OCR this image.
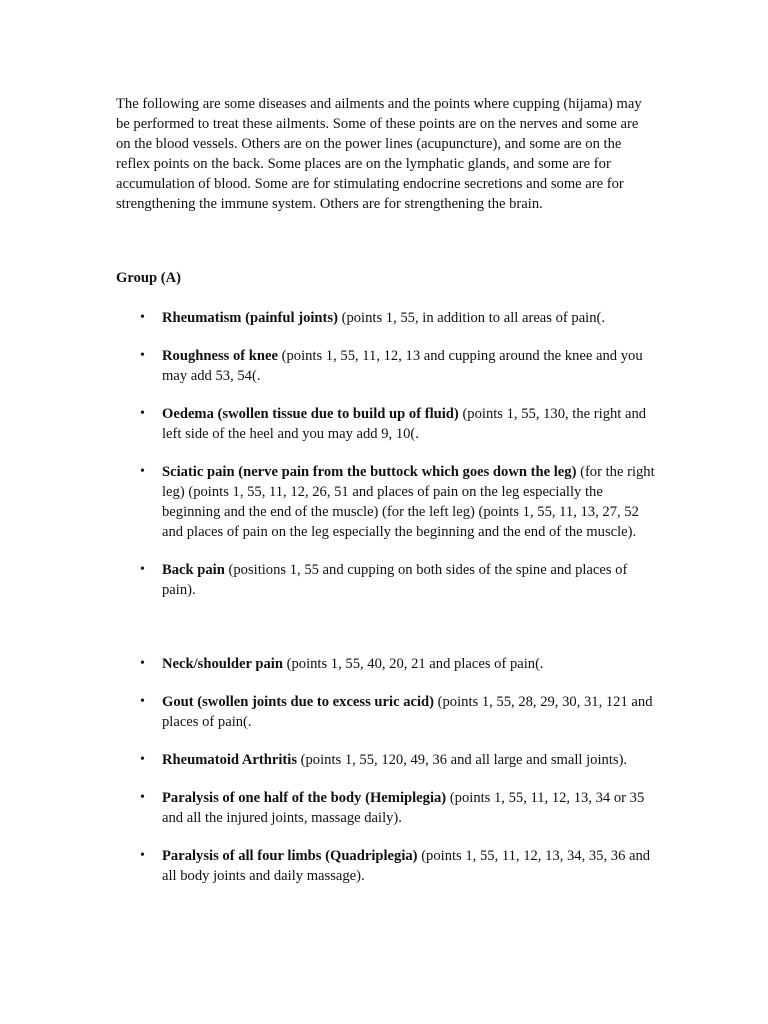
The following are some diseases and ailments and the points where cupping (hijama) may be performed to treat these ailments. Some of these points are on the nerves and some are on the blood vessels. Others are on the power lines (acupuncture), and some are on the reflex points on the back. Some places are on the lymphatic glands, and some are for accumulation of blood. Some are for stimulating endocrine secretions and some are for strengthening the immune system. Others are for strengthening the brain.

Group (A)
• Rheumatism (painful joints) (points 1, 55, in addition to all areas of pain(.
• Roughness of knee (points 1, 55, 11, 12, 13 and cupping around the knee and you may add 53, 54(.
• Oedema (swollen tissue due to build up of fluid) (points 1, 55, 130, the right and left side of the heel and you may add 9, 10(.
• Sciatic pain (nerve pain from the buttock which goes down the leg) (for the right leg) (points 1, 55, 11, 12, 26, 51 and places of pain on the leg especially the beginning and the end of the muscle) (for the left leg) (points 1, 55, 11, 13, 27, 52 and places of pain on the leg especially the beginning and the end of the muscle).
• Back pain (positions 1, 55 and cupping on both sides of the spine and places of pain).
• Neck/shoulder pain (points 1, 55, 40, 20, 21 and places of pain(.
• Gout (swollen joints due to excess uric acid) (points 1, 55, 28, 29, 30, 31, 121 and places of pain(.
• Rheumatoid Arthritis (points 1, 55, 120, 49, 36 and all large and small joints).
• Paralysis of one half of the body (Hemiplegia) (points 1, 55, 11, 12, 13, 34 or 35 and all the injured joints, massage daily).
• Paralysis of all four limbs (Quadriplegia) (points 1, 55, 11, 12, 13, 34, 35, 36 and all body joints and daily massage).
